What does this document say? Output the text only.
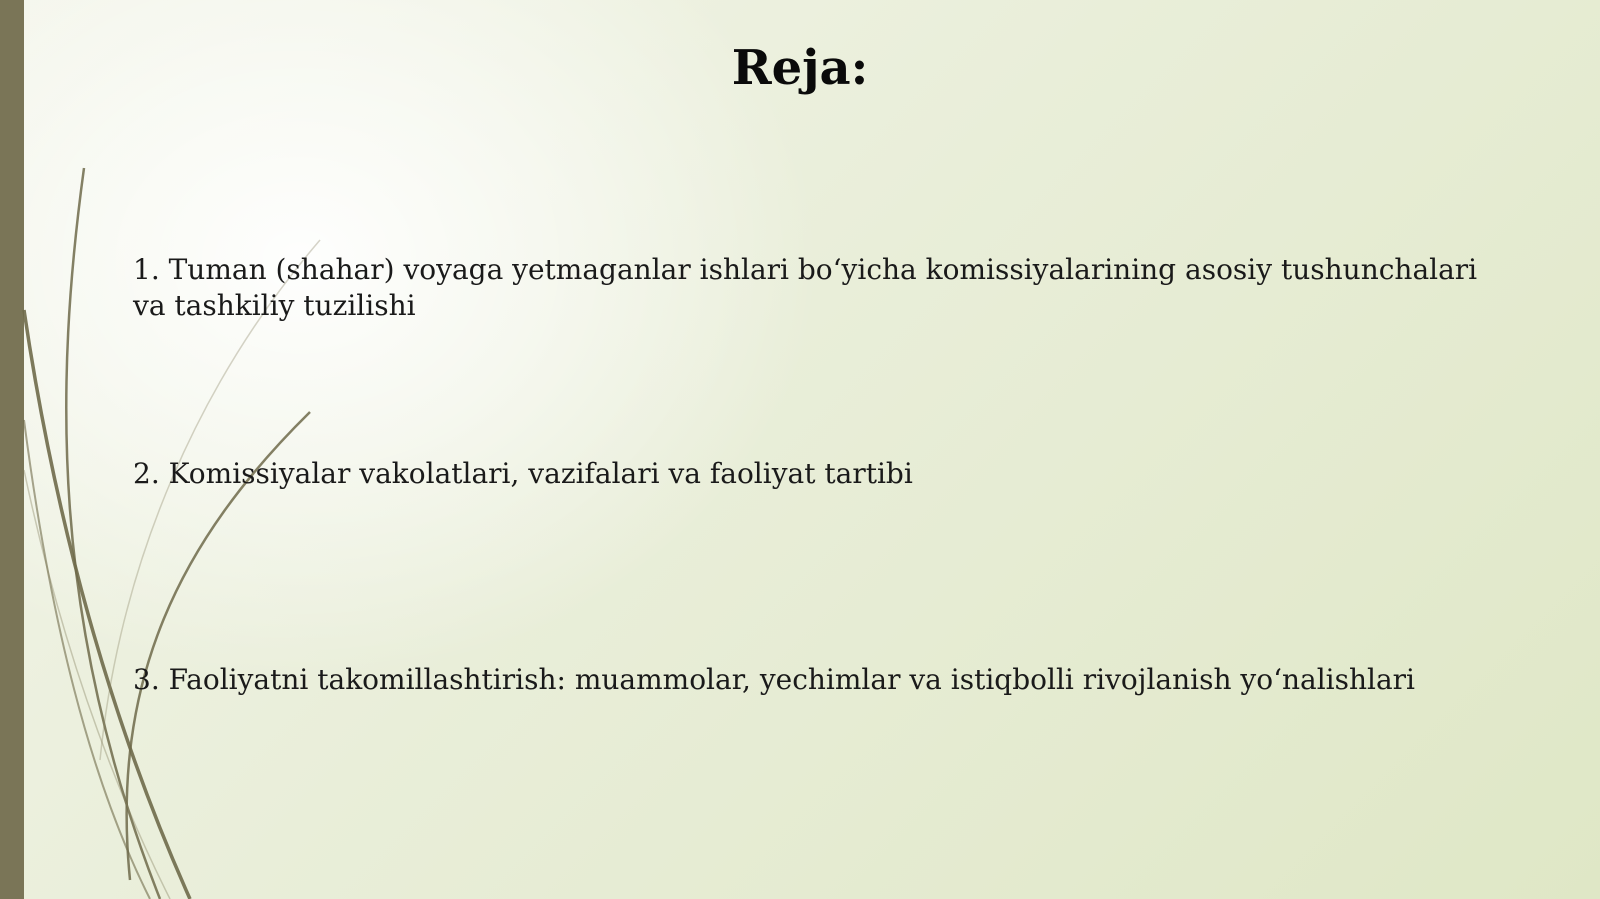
Reja:

1. Tuman (shahar) voyaga yetmaganlar ishlari bo‘yicha komissiyalarining asosiy tushunchalari va tashkiliy tuzilishi

2. Komissiyalar vakolatlari, vazifalari va faoliyat tartibi

3. Faoliyatni takomillashtirish: muammolar, yechimlar va istiqbolli rivojlanish yo‘nalishlari
